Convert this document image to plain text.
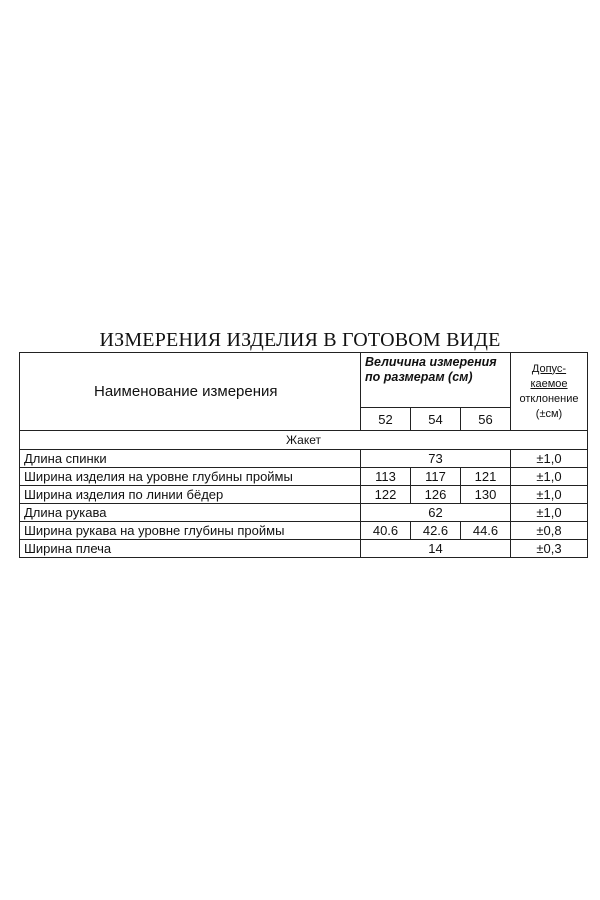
ИЗМЕРЕНИЯ ИЗДЕЛИЯ В ГОТОВОМ ВИДЕ
Наименование измерения	Величина измерения по размерам (см)			Допус-
каемое
отклонение
(±см)
	52	54	56	
Жакет				
Длина спинки	73			±1,0
Ширина изделия на уровне глубины проймы	113	117	121	±1,0
Ширина изделия по линии бёдер	122	126	130	±1,0
Длина рукава	62			±1,0
Ширина рукава на уровне глубины проймы	40.6	42.6	44.6	±0,8
Ширина плеча	14			±0,3
